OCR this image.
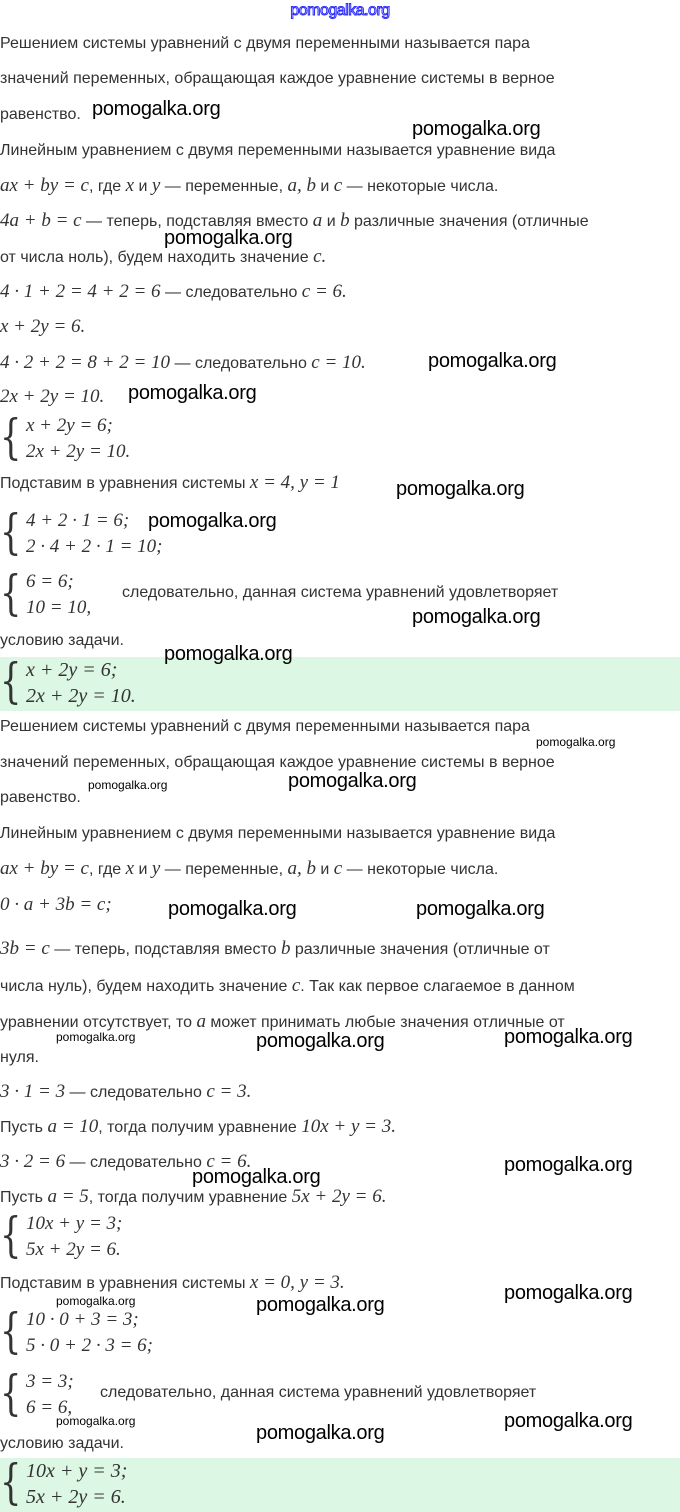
pomogalka.org
Решением системы уравнений с двумя переменными называется пара
значений переменных, обращающая каждое уравнение системы в верное
равенство.
Линейным уравнением с двумя переменными называется уравнение вида
ax + by = c, где x и y — переменные, a, b и c — некоторые числа.
4a + b = c — теперь, подставляя вместо a и b различные значения (отличные
от числа ноль), будем находить значение c.
4 · 1 + 2 = 4 + 2 = 6 — следовательно c = 6.
x + 2y = 6.
4 · 2 + 2 = 8 + 2 = 10 — следовательно c = 10.
2x + 2y = 10.
Подставим в уравнения системы x = 4, y = 1
условию задачи.
Решением системы уравнений с двумя переменными называется пара
значений переменных, обращающая каждое уравнение системы в верное
равенство.
Линейным уравнением с двумя переменными называется уравнение вида
ax + by = c, где x и y — переменные, a, b и c — некоторые числа.
0 · a + 3b = c;
3b = c — теперь, подставляя вместо b различные значения (отличные от
числа нуль), будем находить значение c. Так как первое слагаемое в данном
уравнении отсутствует, то a может принимать любые значения отличные от
нуля.
3 · 1 = 3 — следовательно c = 3.
Пусть a = 10, тогда получим уравнение 10x + y = 3.
3 · 2 = 6 — следовательно c = 6.
Пусть a = 5, тогда получим уравнение 5x + 2y = 6.
Подставим в уравнения системы x = 0, y = 3.
условию задачи.
{ x + 2y = 6;
2x + 2y = 10.
{ 4 + 2 · 1 = 6;
2 · 4 + 2 · 1 = 10;
{ 6 = 6;
10 = 10,
следовательно, данная система уравнений удовлетворяет
{ x + 2y = 6;
2x + 2y = 10.
{ 10x + y = 3;
5x + 2y = 6.
{ 10 · 0 + 3 = 3;
5 · 0 + 2 · 3 = 6;
{ 3 = 3;
6 = 6,
следовательно, данная система уравнений удовлетворяет
{ 10x + y = 3;
5x + 2y = 6.
pomogalka.org
pomogalka.org
pomogalka.org
pomogalka.org
pomogalka.org
pomogalka.org
pomogalka.org
pomogalka.org
pomogalka.org
pomogalka.org
pomogalka.org	pomogalka.org
pomogalka.org	pomogalka.org
pomogalka.org	pomogalka.org	pomogalka.org
pomogalka.org
pomogalka.org
pomogalka.org	pomogalka.org
pomogalka.org
pomogalka.org
pomogalka.org
pomogalka.org
